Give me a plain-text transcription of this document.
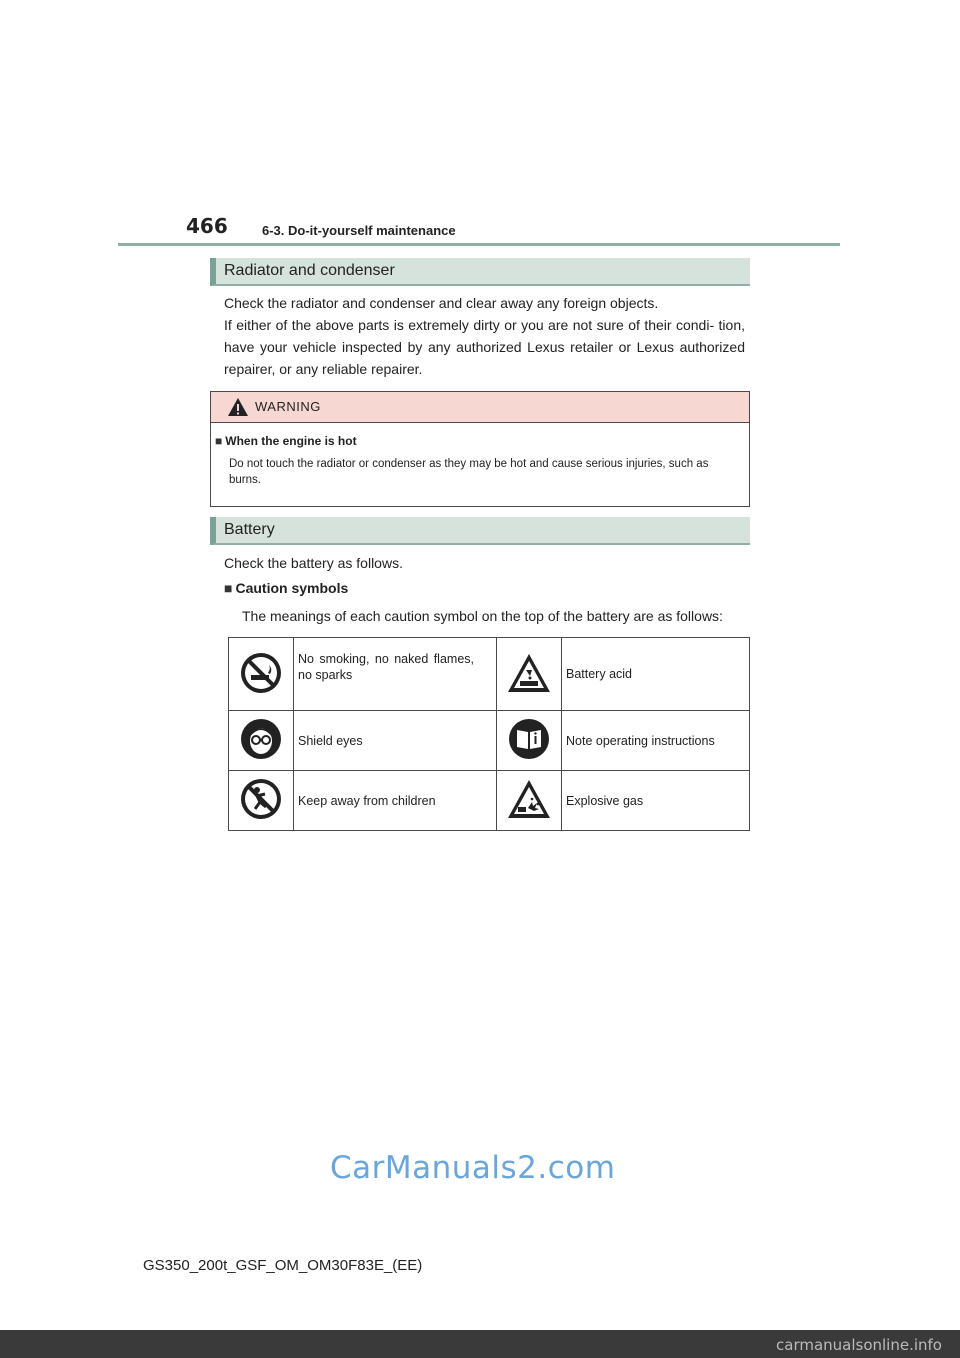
466	6-3. Do-it-yourself maintenance
Radiator and condenser

Check the radiator and condenser and clear away any foreign objects.

If either of the above parts is extremely dirty or you are not sure of their condi- tion, have your vehicle inspected by any authorized Lexus retailer or Lexus authorized repairer, or any reliable repairer.

WARNING
■ When the engine is hot
Do not touch the radiator or condenser as they may be hot and cause serious injuries, such as burns.
Battery

Check the battery as follows.

■ Caution symbols

The meanings of each caution symbol on the top of the battery are as follows:

	No smoking, no naked flames, no sparks		Battery acid
	Shield eyes		Note operating instructions
	Keep away from children		Explosive gas
CarManuals2.com
GS350_200t_GSF_OM_OM30F83E_(EE)
carmanualsonline.info
